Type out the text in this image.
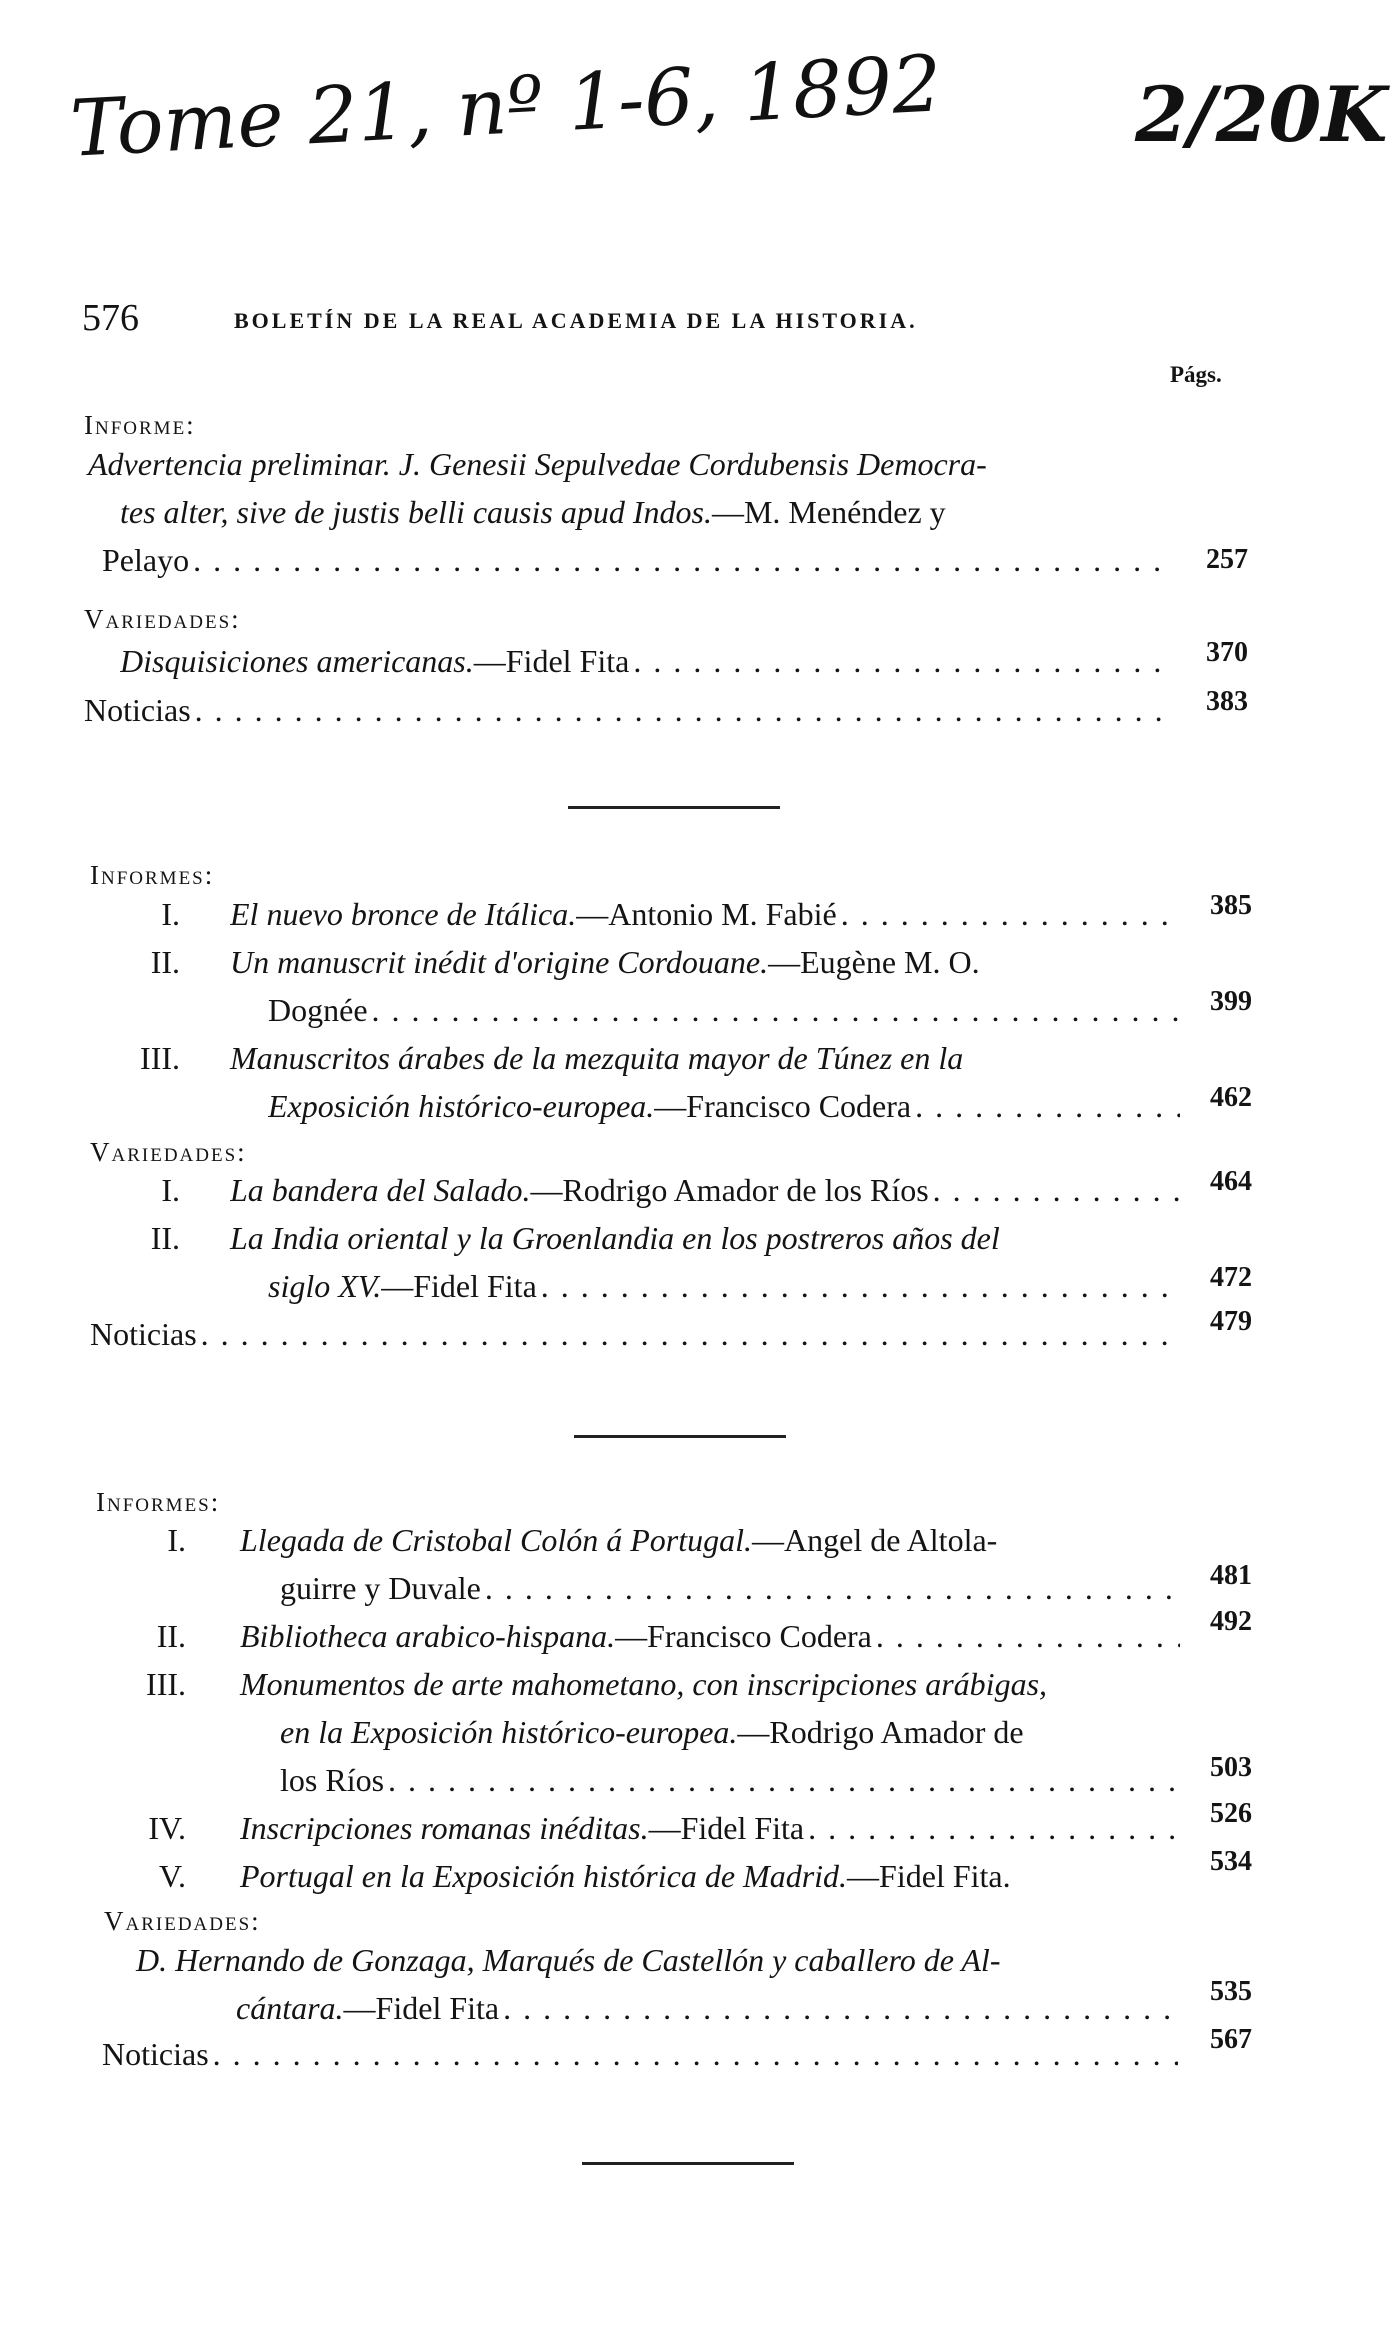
Tome 21, nº 1-6, 1892	2/20K
576	BOLETÍN DE LA REAL ACADEMIA DE LA HISTORIA.
Págs.
Informe:
Advertencia preliminar. J. Genesii Sepulvedae Cordubensis Democra-
tes alter, sive de justis belli causis apud Indos.—M. Menéndez y
Pelayo . . .	257
Variedades:
Disquisiciones americanas. —Fidel Fita . . .	370
Noticias . . .	383
Informes:
I. El nuevo bronce de Itálica. —Antonio M. Fabié . . .	385
II. Un manuscrit inédit d'origine Cordouane.—Eugène M. O.
Dognée . . .	399
III. Manuscritos árabes de la mezquita mayor de Túnez en la
Exposición histórico-europea. —Francisco Codera . . .	462
Variedades:
I. La bandera del Salado. —Rodrigo Amador de los Ríos . . .	464
II. La India oriental y la Groenlandia en los postreros años del
siglo XV. —Fidel Fita . . .	472
Noticias . . .	479
Informes:
I. Llegada de Cristobal Colón á Portugal.—Angel de Altola-
guirre y Duvale . . .	481
II. Bibliotheca arabico-hispana. —Francisco Codera . . .	492
III. Monumentos de arte mahometano, con inscripciones arábigas,
en la Exposición histórico-europea.—Rodrigo Amador de
los Ríos . . .	503
IV. Inscripciones romanas inéditas. —Fidel Fita . . .	526
V. Portugal en la Exposición histórica de Madrid.—Fidel Fita.	534
Variedades:
D. Hernando de Gonzaga, Marqués de Castellón y caballero de Al-
cántara. —Fidel Fita . . .	535
Noticias . . .	567
